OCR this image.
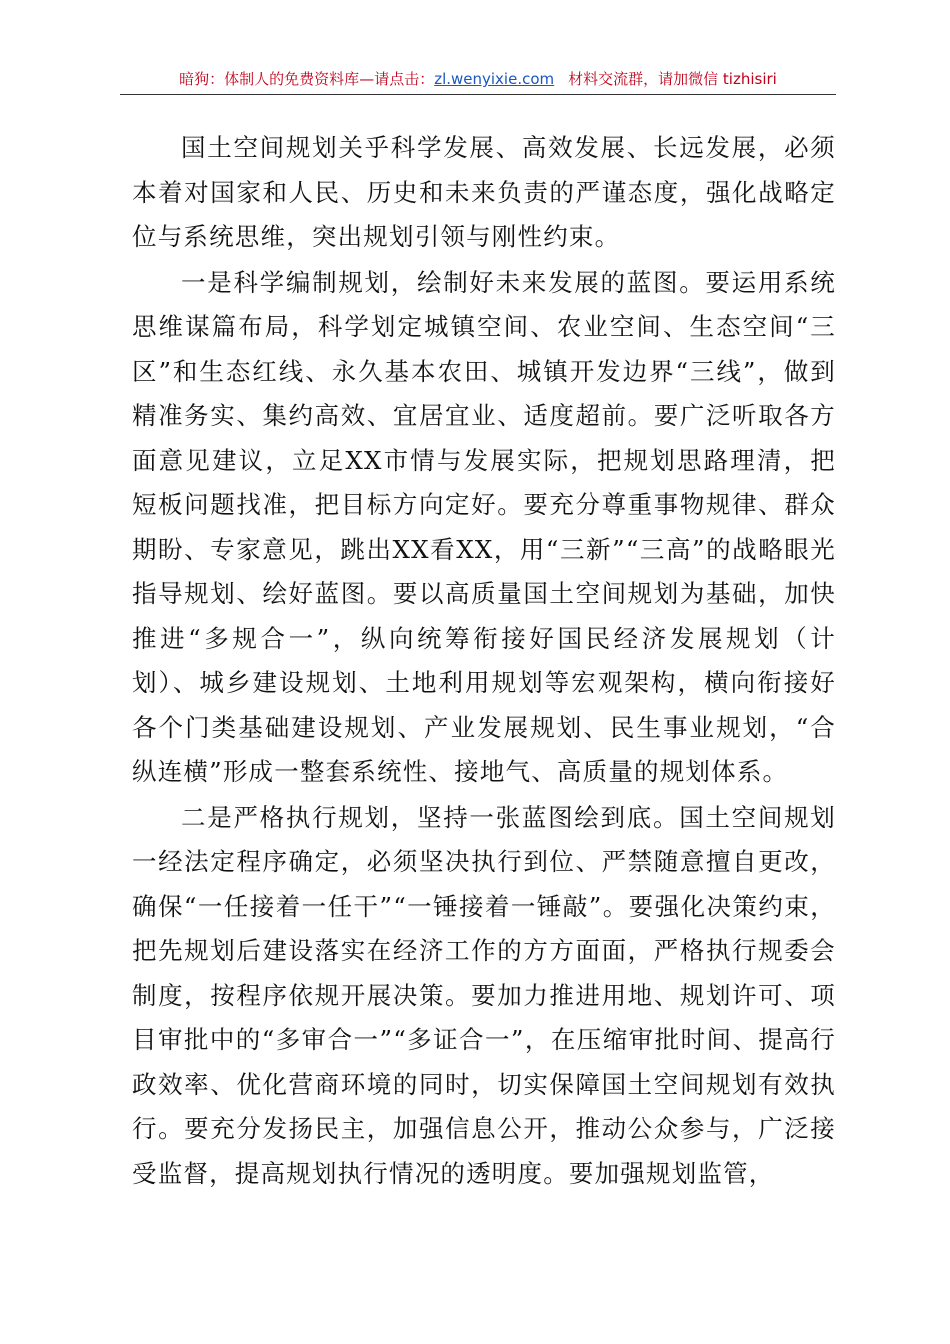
暗狗：体制人的免费资料库—请点击：zl.wenyixie.com 材料交流群，请加微信 tizhisiri

国土空间规划关乎科学发展、高效发展、长远发展，必须本着对国家和人民、历史和未来负责的严谨态度，强化战略定位与系统思维，突出规划引领与刚性约束。

一是科学编制规划，绘制好未来发展的蓝图。要运用系统思维谋篇布局，科学划定城镇空间、农业空间、生态空间“三区”和生态红线、永久基本农田、城镇开发边界“三线”，做到精准务实、集约高效、宜居宜业、适度超前。要广泛听取各方面意见建议，立足XX市情与发展实际，把规划思路理清，把短板问题找准，把目标方向定好。要充分尊重事物规律、群众期盼、专家意见，跳出XX看XX，用“三新”“三高”的战略眼光指导规划、绘好蓝图。要以高质量国土空间规划为基础，加快推进“多规合一”，纵向统筹衔接好国民经济发展规划（计划）、城乡建设规划、土地利用规划等宏观架构，横向衔接好各个门类基础建设规划、产业发展规划、民生事业规划，“合纵连横”形成一整套系统性、接地气、高质量的规划体系。

二是严格执行规划，坚持一张蓝图绘到底。国土空间规划一经法定程序确定，必须坚决执行到位、严禁随意擅自更改，确保“一任接着一任干”“一锤接着一锤敲”。要强化决策约束，把先规划后建设落实在经济工作的方方面面，严格执行规委会制度，按程序依规开展决策。要加力推进用地、规划许可、项目审批中的“多审合一”“多证合一”，在压缩审批时间、提高行政效率、优化营商环境的同时，切实保障国土空间规划有效执行。要充分发扬民主，加强信息公开，推动公众参与，广泛接受监督，提高规划执行情况的透明度。要加强规划监管，
